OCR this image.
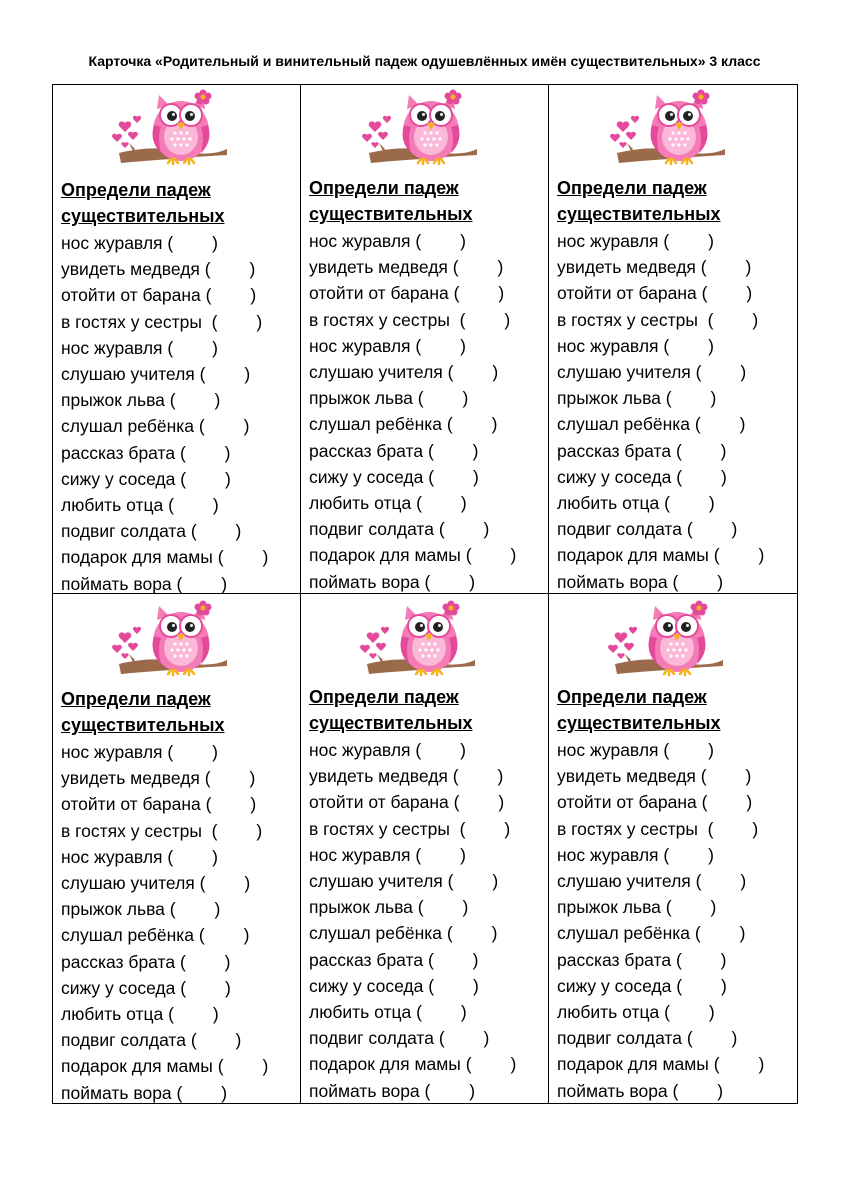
Карточка «Родительный и винительный падеж одушевлённых имён существительных» 3 класс
Определи падеж
существительных
нос журавля (        )
увидеть медведя (        )
отойти от барана (        )
в гостях у сестры  (        )
нос журавля (        )
слушаю учителя (        )
прыжок льва (        )
слушал ребёнка (        )
рассказ брата (        )
сижу у соседа (        )
любить отца (        )
подвиг солдата (        )
подарок для мамы (        )
поймать вора (        )
Определи падеж
существительных
нос журавля (        )
увидеть медведя (        )
отойти от барана (        )
в гостях у сестры  (        )
нос журавля (        )
слушаю учителя (        )
прыжок льва (        )
слушал ребёнка (        )
рассказ брата (        )
сижу у соседа (        )
любить отца (        )
подвиг солдата (        )
подарок для мамы (        )
поймать вора (        )
Определи падеж
существительных
нос журавля (        )
увидеть медведя (        )
отойти от барана (        )
в гостях у сестры  (        )
нос журавля (        )
слушаю учителя (        )
прыжок льва (        )
слушал ребёнка (        )
рассказ брата (        )
сижу у соседа (        )
любить отца (        )
подвиг солдата (        )
подарок для мамы (        )
поймать вора (        )
Определи падеж
существительных
нос журавля (        )
увидеть медведя (        )
отойти от барана (        )
в гостях у сестры  (        )
нос журавля (        )
слушаю учителя (        )
прыжок льва (        )
слушал ребёнка (        )
рассказ брата (        )
сижу у соседа (        )
любить отца (        )
подвиг солдата (        )
подарок для мамы (        )
поймать вора (        )
Определи падеж
существительных
нос журавля (        )
увидеть медведя (        )
отойти от барана (        )
в гостях у сестры  (        )
нос журавля (        )
слушаю учителя (        )
прыжок льва (        )
слушал ребёнка (        )
рассказ брата (        )
сижу у соседа (        )
любить отца (        )
подвиг солдата (        )
подарок для мамы (        )
поймать вора (        )
Определи падеж
существительных
нос журавля (        )
увидеть медведя (        )
отойти от барана (        )
в гостях у сестры  (        )
нос журавля (        )
слушаю учителя (        )
прыжок льва (        )
слушал ребёнка (        )
рассказ брата (        )
сижу у соседа (        )
любить отца (        )
подвиг солдата (        )
подарок для мамы (        )
поймать вора (        )
